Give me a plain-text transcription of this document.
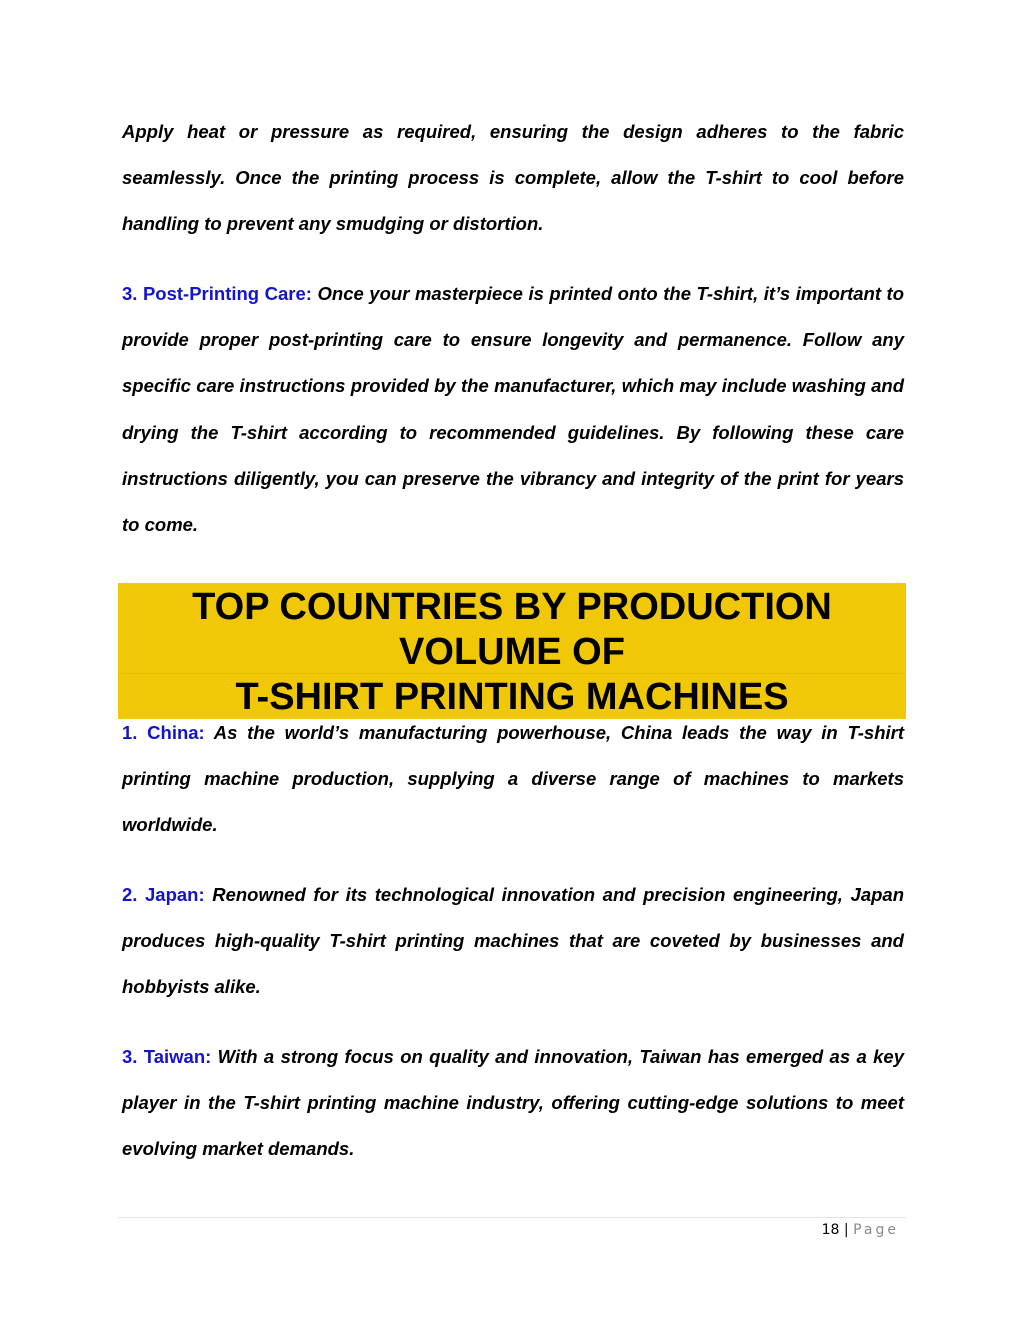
Apply heat or pressure as required, ensuring the design adheres to the fabric seamlessly. Once the printing process is complete, allow the T-shirt to cool before handling to prevent any smudging or distortion.

3. Post-Printing Care: Once your masterpiece is printed onto the T-shirt, it’s important to provide proper post-printing care to ensure longevity and permanence. Follow any specific care instructions provided by the manufacturer, which may include washing and drying the T-shirt according to recommended guidelines. By following these care instructions diligently, you can preserve the vibrancy and integrity of the print for years to come.

TOP COUNTRIES BY PRODUCTION
VOLUME OF
T-SHIRT PRINTING MACHINES

1. China: As the world’s manufacturing powerhouse, China leads the way in T-shirt printing machine production, supplying a diverse range of machines to markets worldwide.

2. Japan: Renowned for its technological innovation and precision engineering, Japan produces high-quality T-shirt printing machines that are coveted by businesses and hobbyists alike.

3. Taiwan: With a strong focus on quality and innovation, Taiwan has emerged as a key player in the T-shirt printing machine industry, offering cutting-edge solutions to meet evolving market demands.

18 | Page
